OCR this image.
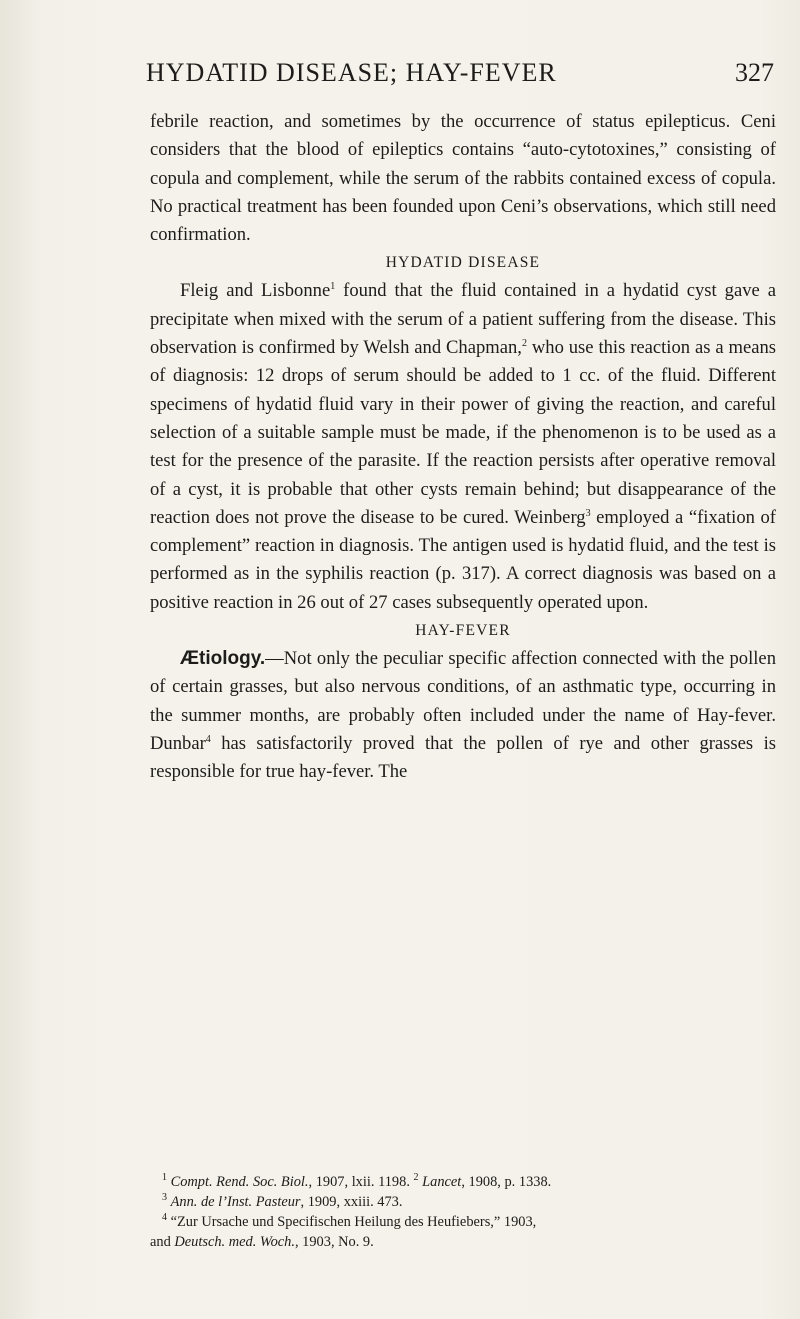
HYDATID DISEASE; HAY-FEVER	327

febrile reaction, and sometimes by the occurrence of status epilepticus. Ceni considers that the blood of epileptics contains “auto-cytotoxines,” consisting of copula and complement, while the serum of the rabbits contained excess of copula. No practical treatment has been founded upon Ceni’s observations, which still need confirmation.

HYDATID DISEASE

Fleig and Lisbonne$^1$ found that the fluid contained in a hydatid cyst gave a precipitate when mixed with the serum of a patient suffering from the disease. This observation is confirmed by Welsh and Chapman,$^2$ who use this reaction as a means of diagnosis: 12 drops of serum should be added to 1 cc. of the fluid. Different specimens of hydatid fluid vary in their power of giving the reaction, and careful selection of a suitable sample must be made, if the phenomenon is to be used as a test for the presence of the parasite. If the reaction persists after operative removal of a cyst, it is probable that other cysts remain behind; but disappearance of the reaction does not prove the disease to be cured. Weinberg$^3$ employed a “fixation of complement” reaction in diagnosis. The antigen used is hydatid fluid, and the test is performed as in the syphilis reaction (p. 317). A correct diagnosis was based on a positive reaction in 26 out of 27 cases subsequently operated upon.

HAY-FEVER

Ætiology.—Not only the peculiar specific affection connected with the pollen of certain grasses, but also nervous conditions, of an asthmatic type, occurring in the summer months, are probably often included under the name of Hay-fever. Dunbar$^4$ has satisfactorily proved that the pollen of rye and other grasses is responsible for true hay-fever. The

$^1$ Compt. Rend. Soc. Biol., 1907, lxii. 1198. $^2$ Lancet, 1908, p. 1338.

$^3$ Ann. de l’Inst. Pasteur, 1909, xxiii. 473.

$^4$ “Zur Ursache und Specifischen Heilung des Heufiebers,” 1903,

and Deutsch. med. Woch., 1903, No. 9.
